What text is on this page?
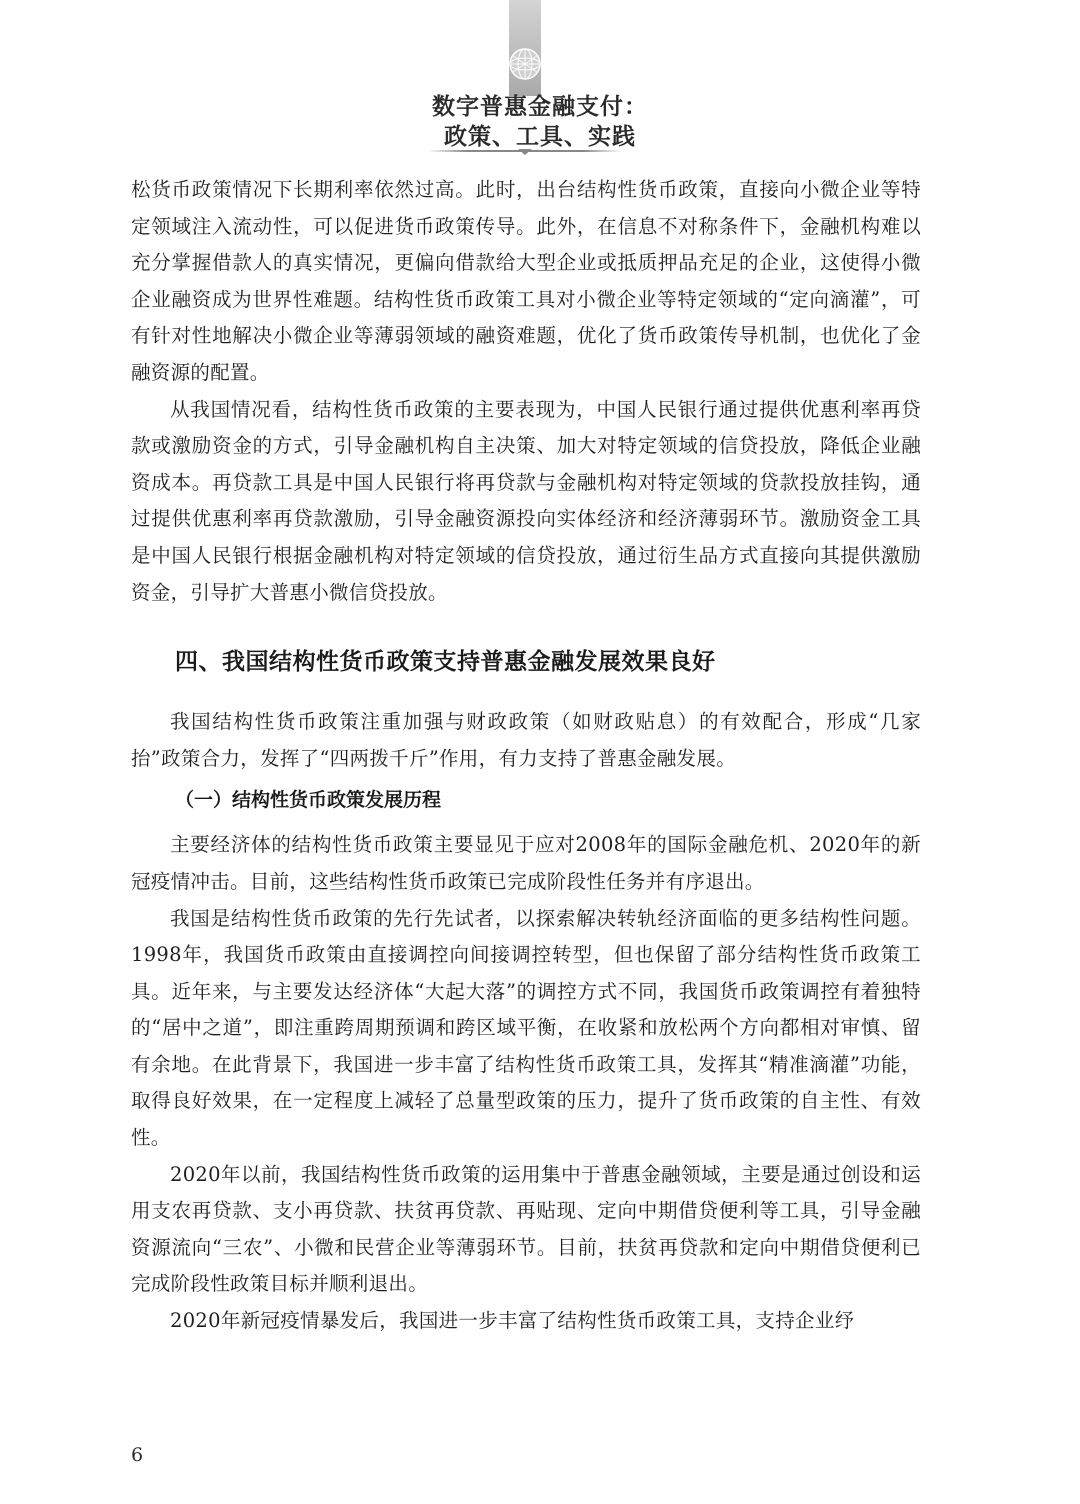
数字普惠金融支付：

政策、工具、实践

松货币政策情况下长期利率依然过高。此时，出台结构性货币政策，直接向小微企业等特定领域注入流动性，可以促进货币政策传导。此外，在信息不对称条件下，金融机构难以充分掌握借款人的真实情况，更偏向借款给大型企业或抵质押品充足的企业，这使得小微企业融资成为世界性难题。结构性货币政策工具对小微企业等特定领域的“定向滴灌”，可有针对性地解决小微企业等薄弱领域的融资难题，优化了货币政策传导机制，也优化了金融资源的配置。

从我国情况看，结构性货币政策的主要表现为，中国人民银行通过提供优惠利率再贷款或激励资金的方式，引导金融机构自主决策、加大对特定领域的信贷投放，降低企业融资成本。再贷款工具是中国人民银行将再贷款与金融机构对特定领域的贷款投放挂钩，通过提供优惠利率再贷款激励，引导金融资源投向实体经济和经济薄弱环节。激励资金工具是中国人民银行根据金融机构对特定领域的信贷投放，通过衍生品方式直接向其提供激励资金，引导扩大普惠小微信贷投放。

四、我国结构性货币政策支持普惠金融发展效果良好

我国结构性货币政策注重加强与财政政策（如财政贴息）的有效配合，形成“几家抬”政策合力，发挥了“四两拨千斤”作用，有力支持了普惠金融发展。

（一）结构性货币政策发展历程

主要经济体的结构性货币政策主要显见于应对2008年的国际金融危机、2020年的新冠疫情冲击。目前，这些结构性货币政策已完成阶段性任务并有序退出。

我国是结构性货币政策的先行先试者，以探索解决转轨经济面临的更多结构性问题。1998年，我国货币政策由直接调控向间接调控转型，但也保留了部分结构性货币政策工具。近年来，与主要发达经济体“大起大落”的调控方式不同，我国货币政策调控有着独特的“居中之道”，即注重跨周期预调和跨区域平衡，在收紧和放松两个方向都相对审慎、留有余地。在此背景下，我国进一步丰富了结构性货币政策工具，发挥其“精准滴灌”功能，取得良好效果，在一定程度上减轻了总量型政策的压力，提升了货币政策的自主性、有效性。

2020年以前，我国结构性货币政策的运用集中于普惠金融领域，主要是通过创设和运用支农再贷款、支小再贷款、扶贫再贷款、再贴现、定向中期借贷便利等工具，引导金融资源流向“三农”、小微和民营企业等薄弱环节。目前，扶贫再贷款和定向中期借贷便利已完成阶段性政策目标并顺利退出。

2020年新冠疫情暴发后，我国进一步丰富了结构性货币政策工具，支持企业纾

6
